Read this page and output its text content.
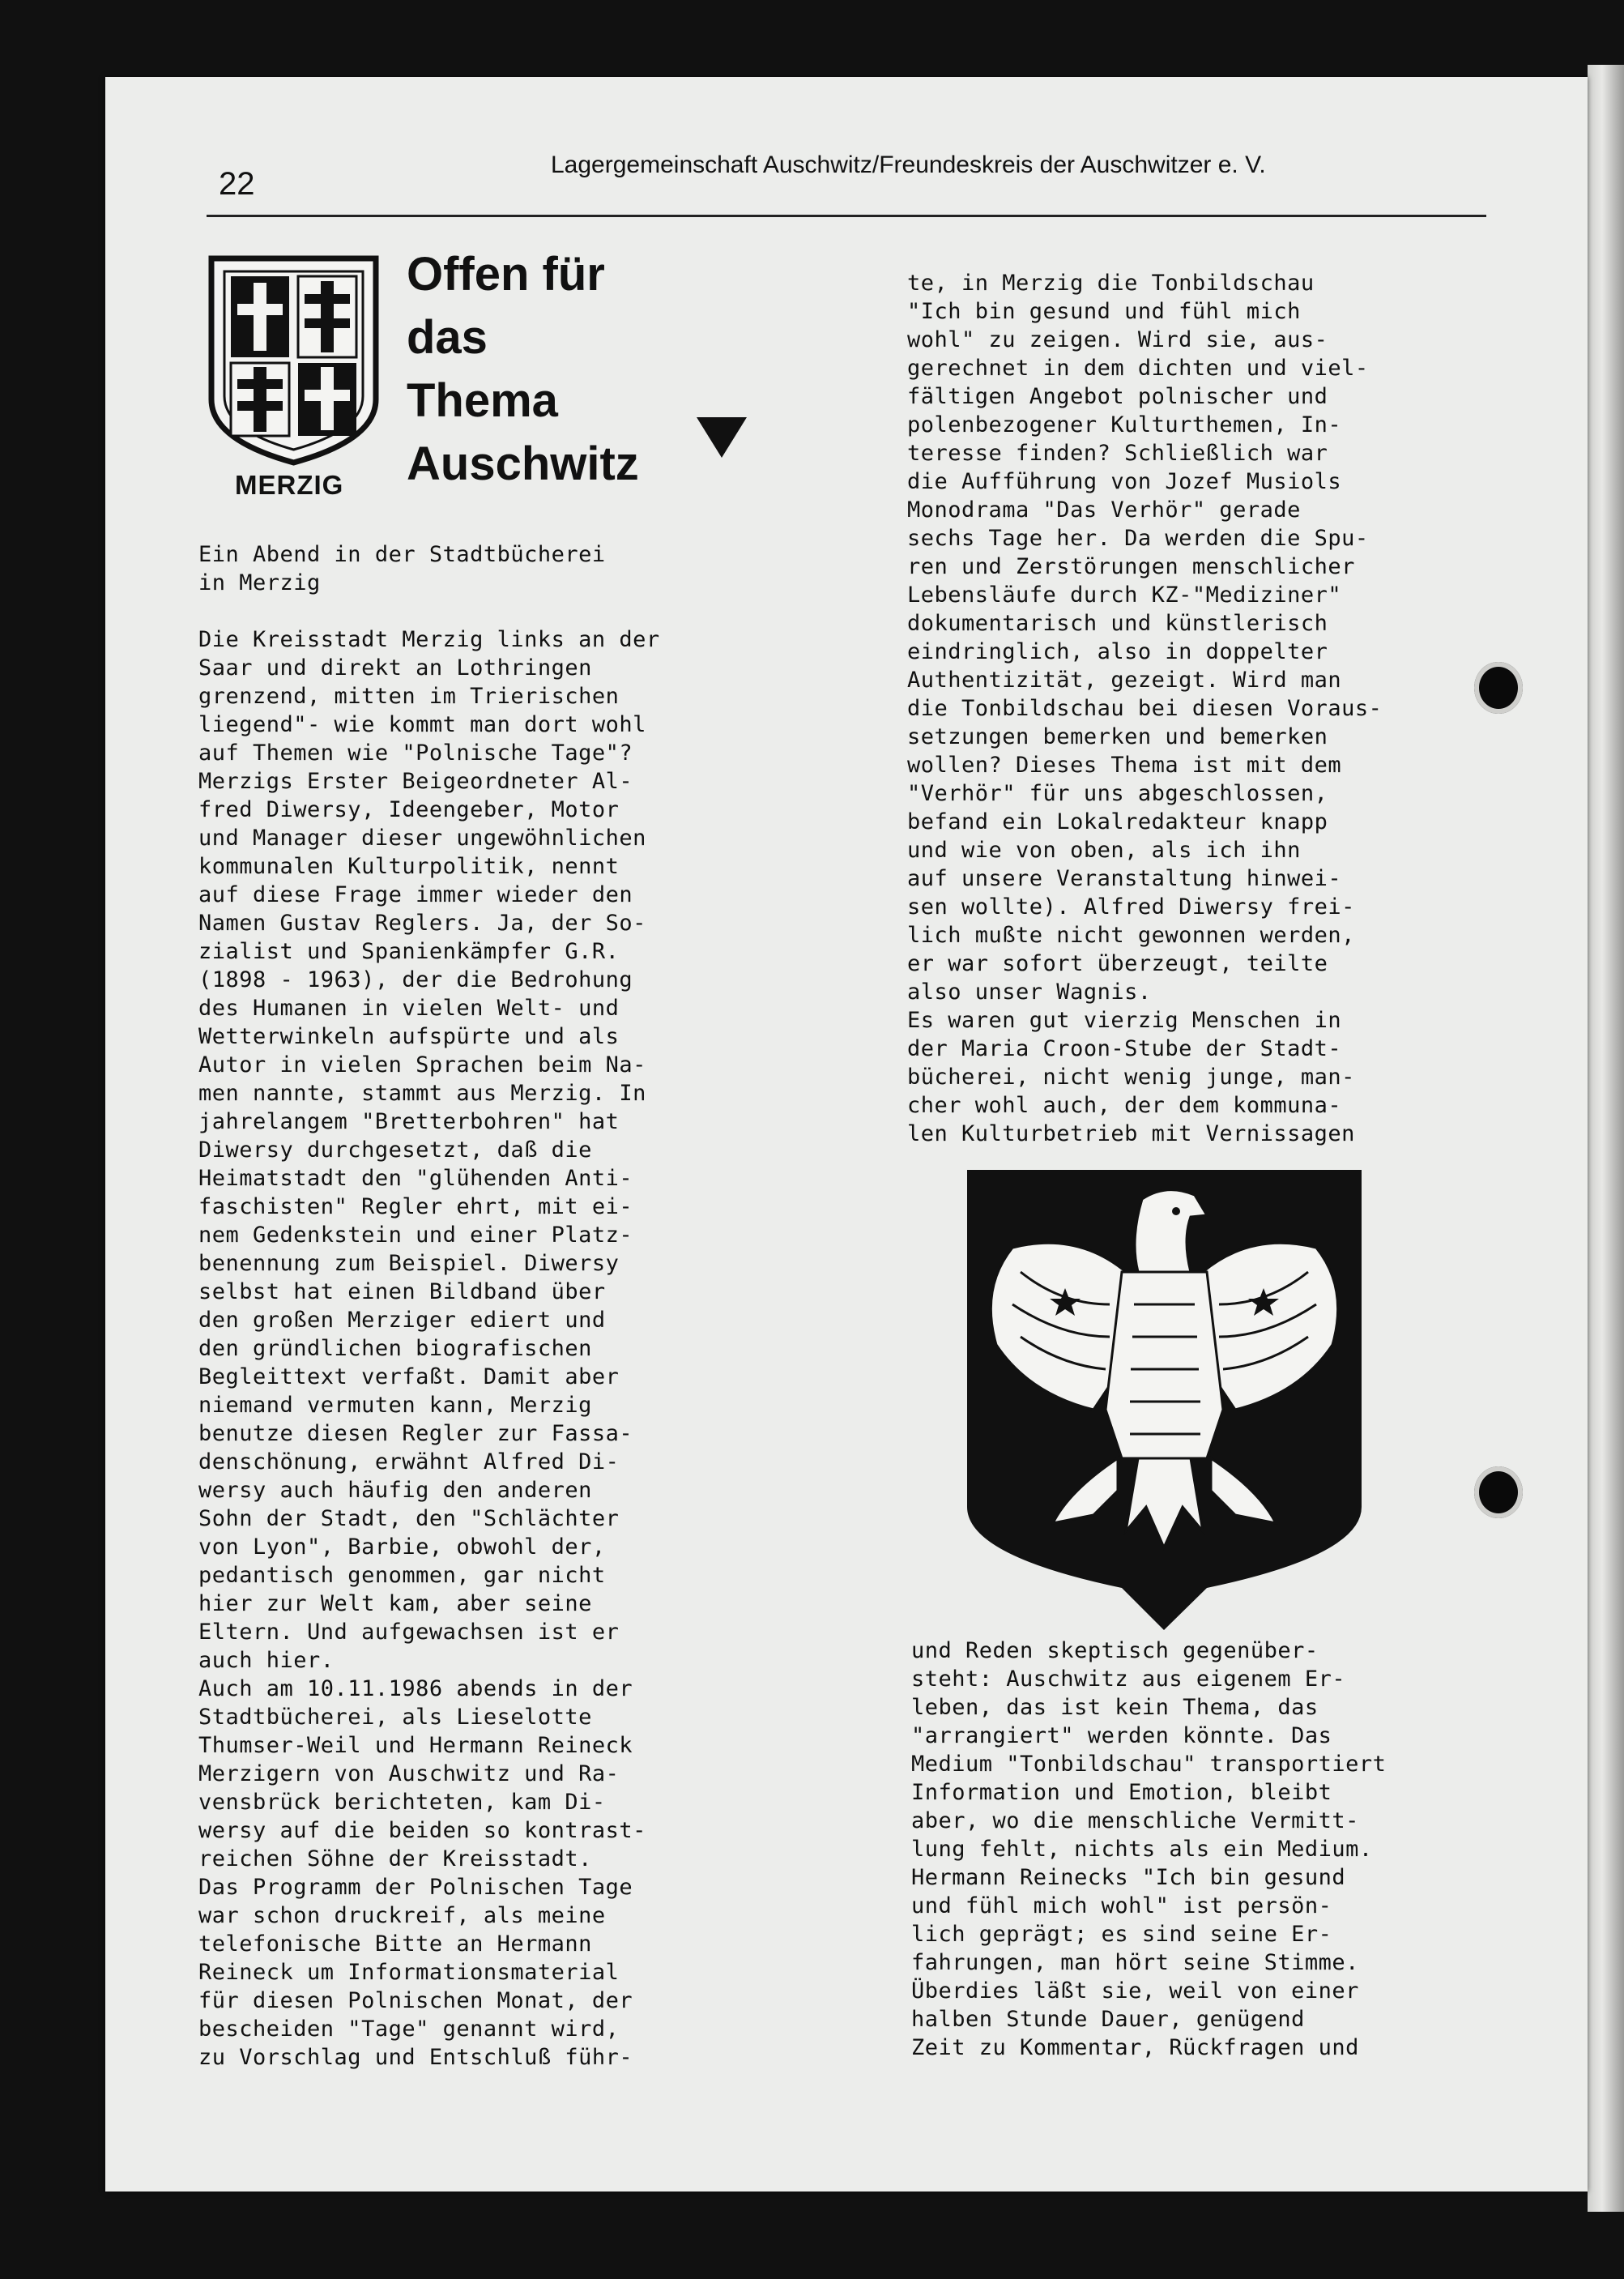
22
Lagergemeinschaft Auschwitz/Freundeskreis der Auschwitzer e. V.
MERZIG
Offen für
das
Thema
Auschwitz
Ein Abend in der Stadtbücherei
in Merzig
Die Kreisstadt Merzig links an der
Saar und direkt an Lothringen
grenzend, mitten im Trierischen
liegend"- wie kommt man dort wohl
auf Themen wie "Polnische Tage"?
Merzigs Erster Beigeordneter Al-
fred Diwersy, Ideengeber, Motor
und Manager dieser ungewöhnlichen
kommunalen Kulturpolitik, nennt
auf diese Frage immer wieder den
Namen Gustav Reglers. Ja, der So-
zialist und Spanienkämpfer G.R.
(1898 - 1963), der die Bedrohung
des Humanen in vielen Welt- und
Wetterwinkeln aufspürte und als
Autor in vielen Sprachen beim Na-
men nannte, stammt aus Merzig. In
jahrelangem "Bretterbohren" hat
Diwersy durchgesetzt, daß die
Heimatstadt den "glühenden Anti-
faschisten" Regler ehrt, mit ei-
nem Gedenkstein und einer Platz-
benennung zum Beispiel. Diwersy
selbst hat einen Bildband über
den großen Merziger ediert und
den gründlichen biografischen
Begleittext verfaßt. Damit aber
niemand vermuten kann, Merzig
benutze diesen Regler zur Fassa-
denschönung, erwähnt Alfred Di-
wersy auch häufig den anderen
Sohn der Stadt, den "Schlächter
von Lyon", Barbie, obwohl der,
pedantisch genommen, gar nicht
hier zur Welt kam, aber seine
Eltern. Und aufgewachsen ist er
auch hier.
Auch am 10.11.1986 abends in der
Stadtbücherei, als Lieselotte
Thumser-Weil und Hermann Reineck
Merzigern von Auschwitz und Ra-
vensbrück berichteten, kam Di-
wersy auf die beiden so kontrast-
reichen Söhne der Kreisstadt.
Das Programm der Polnischen Tage
war schon druckreif, als meine
telefonische Bitte an Hermann
Reineck um Informationsmaterial
für diesen Polnischen Monat, der
bescheiden "Tage" genannt wird,
zu Vorschlag und Entschluß führ-
te, in Merzig die Tonbildschau
"Ich bin gesund und fühl mich
wohl" zu zeigen. Wird sie, aus-
gerechnet in dem dichten und viel-
fältigen Angebot polnischer und
polenbezogener Kulturthemen, In-
teresse finden? Schließlich war
die Aufführung von Jozef Musiols
Monodrama "Das Verhör" gerade
sechs Tage her. Da werden die Spu-
ren und Zerstörungen menschlicher
Lebensläufe durch KZ-"Mediziner"
dokumentarisch und künstlerisch
eindringlich, also in doppelter
Authentizität, gezeigt. Wird man
die Tonbildschau bei diesen Voraus-
setzungen bemerken und bemerken
wollen? Dieses Thema ist mit dem
"Verhör" für uns abgeschlossen,
befand ein Lokalredakteur knapp
und wie von oben, als ich ihn
auf unsere Veranstaltung hinwei-
sen wollte). Alfred Diwersy frei-
lich mußte nicht gewonnen werden,
er war sofort überzeugt, teilte
also unser Wagnis.
Es waren gut vierzig Menschen in
der Maria Croon-Stube der Stadt-
bücherei, nicht wenig junge, man-
cher wohl auch, der dem kommuna-
len Kulturbetrieb mit Vernissagen
und Reden skeptisch gegenüber-
steht: Auschwitz aus eigenem Er-
leben, das ist kein Thema, das
"arrangiert" werden könnte. Das
Medium "Tonbildschau" transportiert
Information und Emotion, bleibt
aber, wo die menschliche Vermitt-
lung fehlt, nichts als ein Medium.
Hermann Reinecks "Ich bin gesund
und fühl mich wohl" ist persön-
lich geprägt; es sind seine Er-
fahrungen, man hört seine Stimme.
Überdies läßt sie, weil von einer
halben Stunde Dauer, genügend
Zeit zu Kommentar, Rückfragen und
